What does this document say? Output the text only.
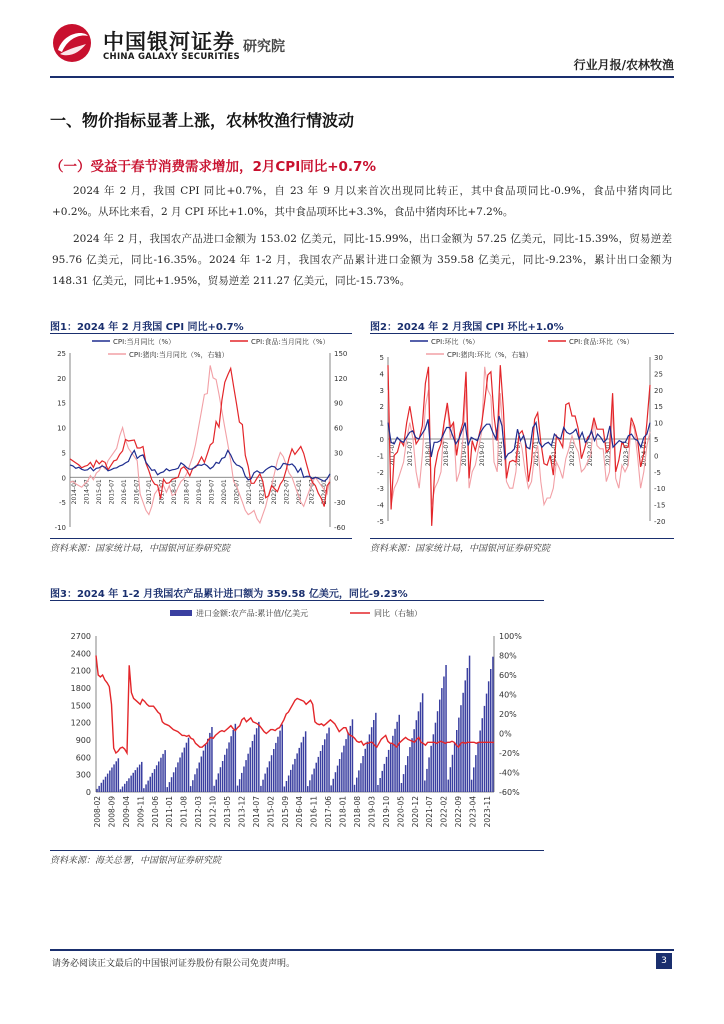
中国银河证券
CHINA GALAXY SECURITIES
研究院
行业月报/农林牧渔
一、物价指标显著上涨，农林牧渔行情波动
（一）受益于春节消费需求增加，2月CPI同比+0.7%
2024 年 2 月，我国 CPI 同比+0.7%，自 23 年 9 月以来首次出现同比转正，其中食品项同比-0.9%，食品中猪肉同比+0.2%。从环比来看，2 月 CPI 环比+1.0%，其中食品项环比+3.3%，食品中猪肉环比+7.2%。
2024 年 2 月，我国农产品进口金额为 153.02 亿美元，同比-15.99%，出口金额为 57.25 亿美元，同比-15.39%，贸易逆差 95.76 亿美元，同比-16.35%。2024 年 1-2 月，我国农产品累计进口金额为 359.58 亿美元，同比-9.23%，累计出口金额为 148.31 亿美元，同比+1.95%，贸易逆差 211.27 亿美元，同比-15.73%。
图1：2024 年 2 月我国 CPI 同比+0.7%
-10
-5
0
5
10
15
20
25
-60
-30
0
30
60
90
120
150
2014-01 2014-07 2015-01 2015-07 2016-01 2016-07 2017-01 2017-07 2018-01 2018-07 2019-01 2019-07 2020-01 2020-07 2021-01 2021-07 2022-01 2022-07 2023-01 2023-07 2024-01
CPI:当月同比（%）	CPI:食品:当月同比（%）
CPI:猪肉:当月同比（%，右轴）
资料来源：国家统计局，中国银河证券研究院
图2：2024 年 2 月我国 CPI 环比+1.0%
-5
-4
-3
-2
-1
0
1
2
3
4
5
-20
-15
-10
-5
0
5
10
15
20
25
30
2017-01 2017-07 2018-01 2018-07 2019-01 2019-07 2020-01 2020-07 2021-01 2021-07 2022-01 2022-07 2023-01 2023-07 2024-01
CPI:环比（%）	CPI:食品:环比（%）
CPI:猪肉:环比（%，右轴）
资料来源：国家统计局，中国银河证券研究院
图3：2024 年 1-2 月我国农产品累计进口额为 359.58 亿美元，同比-9.23%
0
300
600
900
1200
1500
1800
2100
2400
2700
-60%
-40%
-20%
0%
20%
40%
60%
80%
100%
2008-02 2008-09 2009-04 2009-11 2010-06 2011-01 2011-08 2012-03 2012-10 2013-05 2013-12 2014-07 2015-02 2015-09 2016-04 2016-11 2017-06 2018-01 2018-08 2019-03 2019-10 2020-05 2020-12 2021-07 2022-02 2022-09 2023-04 2023-11
进口金额:农产品:累计值/亿美元	同比（右轴）
资料来源：海关总署，中国银河证券研究院
请务必阅读正文最后的中国银河证券股份有限公司免责声明。	3
